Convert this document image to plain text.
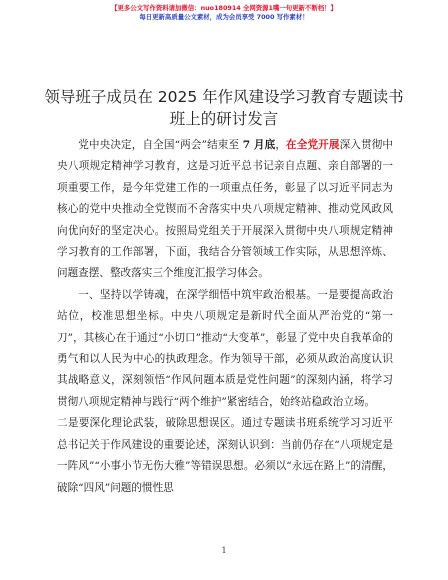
【更多公文写作资料请加微信：nuo180914 全网资源1嘴一句更新不断档！】
每日更新高质量公文素材，成为会员享受 7000 写作素材！
领导班子成员在 2025 年作风建设学习教育专题读书班上的研讨发言

党中央决定，自全国“两会”结束至 7 月底，在全党开展深入贯彻中央八项规定精神学习教育，这是习近平总书记亲自点题、亲自部署的一项重要工作，是今年党建工作的一项重点任务，彰显了以习近平同志为核心的党中央推动全党锲而不舍落实中央八项规定精神、推动党风政风向优向好的坚定决心。按照局党组关于开展深入贯彻中央八项规定精神学习教育的工作部署，下面，我结合分管领域工作实际，从思想淬炼、问题查摆、整改落实三个维度汇报学习体会。

一、坚持以学铸魂，在深学细悟中筑牢政治根基。一是要提高政治站位，校准思想坐标。中央八项规定是新时代全面从严治党的“第一刀”，其核心在于通过“小切口”推动“大变革”，彰显了党中央自我革命的勇气和以人民为中心的执政理念。作为领导干部，必须从政治高度认识其战略意义，深刻领悟“作风问题本质是党性问题”的深刻内涵，将学习贯彻八项规定精神与践行“两个维护”紧密结合，始终站稳政治立场。

二是要深化理论武装，破除思想误区。通过专题读书班系统学习习近平总书记关于作风建设的重要论述，深刻认识到：当前仍存在“八项规定是一阵风”“小事小节无伤大雅”等错误思想。必须以“永远在路上”的清醒，破除“四风”问题的惯性思

1
